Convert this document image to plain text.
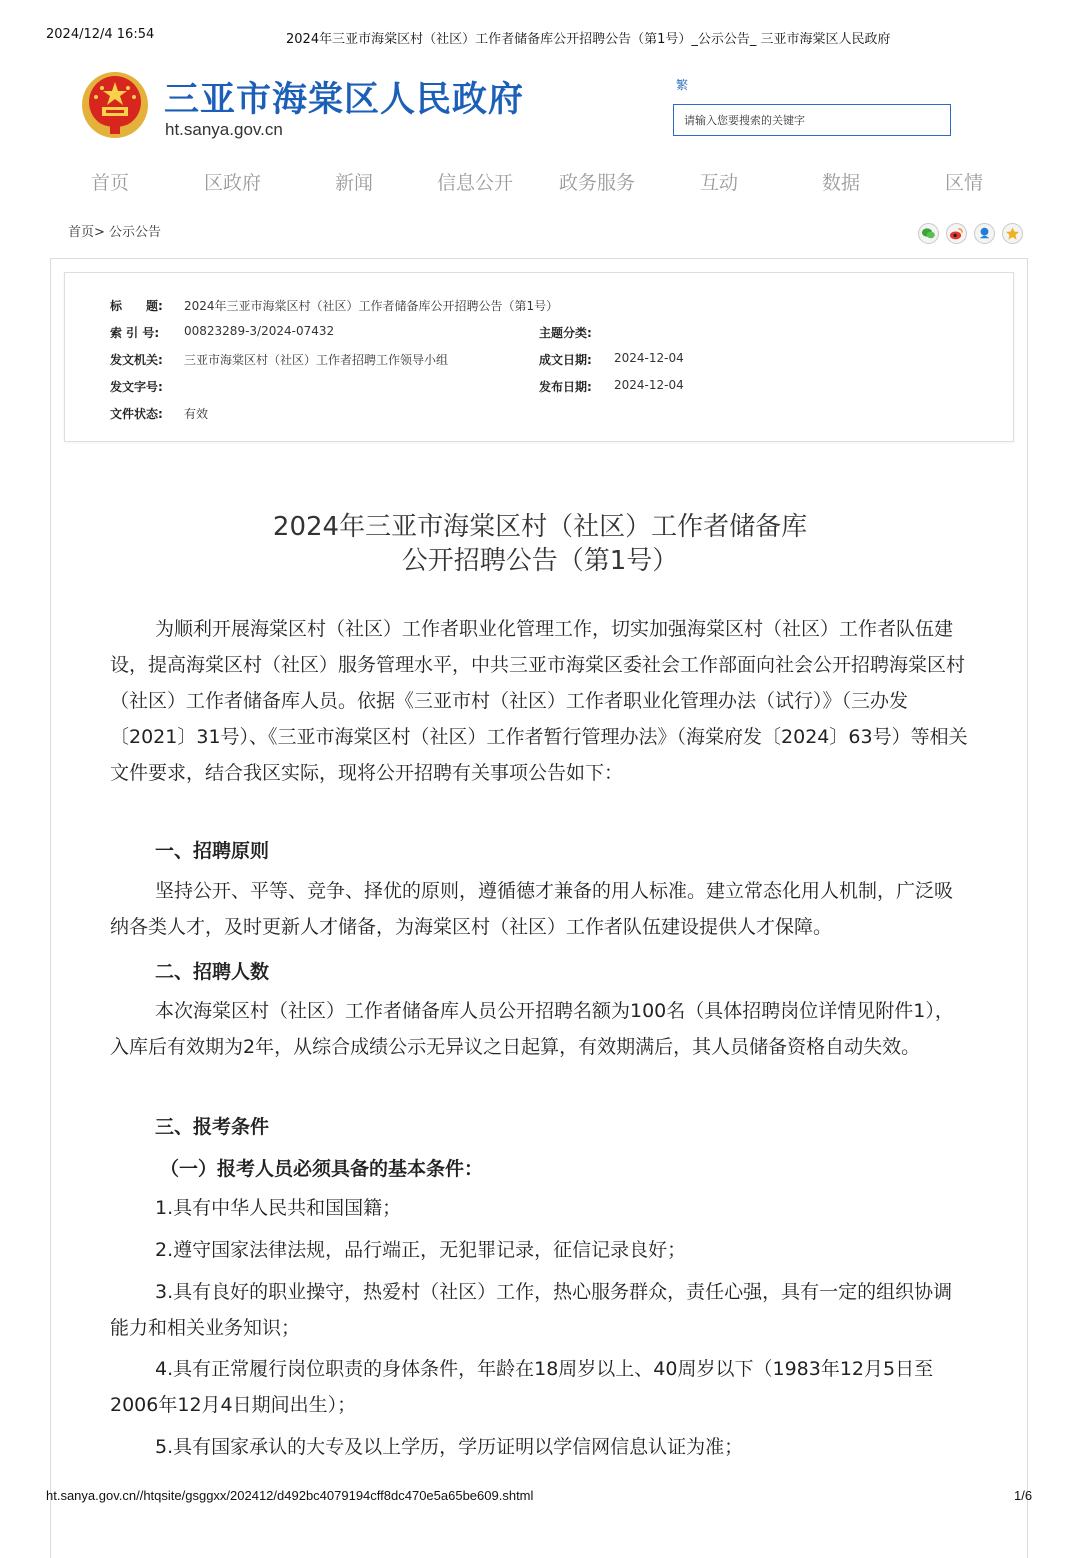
2024/12/4 16:54	2024年三亚市海棠区村（社区）工作者储备库公开招聘公告（第1号）_公示公告_ 三亚市海棠区人民政府
三亚市海棠区人民政府
ht.sanya.gov.cn
繁
请输入您要搜索的关键字
首页	区政府	新闻	信息公开 政务服务	互动	数据	区情
首页> 公示公告
标　　题: 2024年三亚市海棠区村（社区）工作者储备库公开招聘公告（第1号）
索 引 号: 00823289-3/2024-07432	主题分类:
发文机关: 三亚市海棠区村（社区）工作者招聘工作领导小组	成文日期: 2024-12-04
发文字号:	发布日期: 2024-12-04
文件状态: 有效
2024年三亚市海棠区村（社区）工作者储备库
公开招聘公告（第1号）

为顺利开展海棠区村（社区）工作者职业化管理工作，切实加强海棠区村（社区）工作者队伍建设，提高海棠区村（社区）服务管理水平，中共三亚市海棠区委社会工作部面向社会公开招聘海棠区村（社区）工作者储备库人员。依据《三亚市村（社区）工作者职业化管理办法（试行）》（三办发〔2021〕31号）、《三亚市海棠区村（社区）工作者暂行管理办法》（海棠府发〔2024〕63号）等相关文件要求，结合我区实际，现将公开招聘有关事项公告如下：

一、招聘原则

坚持公开、平等、竞争、择优的原则，遵循德才兼备的用人标准。建立常态化用人机制，广泛吸纳各类人才，及时更新人才储备，为海棠区村（社区）工作者队伍建设提供人才保障。

二、招聘人数

本次海棠区村（社区）工作者储备库人员公开招聘名额为100名（具体招聘岗位详情见附件1），入库后有效期为2年，从综合成绩公示无异议之日起算，有效期满后，其人员储备资格自动失效。

三、报考条件
（一）报考人员必须具备的基本条件：

1.具有中华人民共和国国籍；

2.遵守国家法律法规，品行端正，无犯罪记录，征信记录良好；

3.具有良好的职业操守，热爱村（社区）工作，热心服务群众，责任心强，具有一定的组织协调能力和相关业务知识；

4.具有正常履行岗位职责的身体条件，年龄在18周岁以上、40周岁以下（1983年12月5日至2006年12月4日期间出生）；

5.具有国家承认的大专及以上学历，学历证明以学信网信息认证为准；

ht.sanya.gov.cn//htqsite/gsggxx/202412/d492bc4079194cff8dc470e5a65be609.shtml	1/6
